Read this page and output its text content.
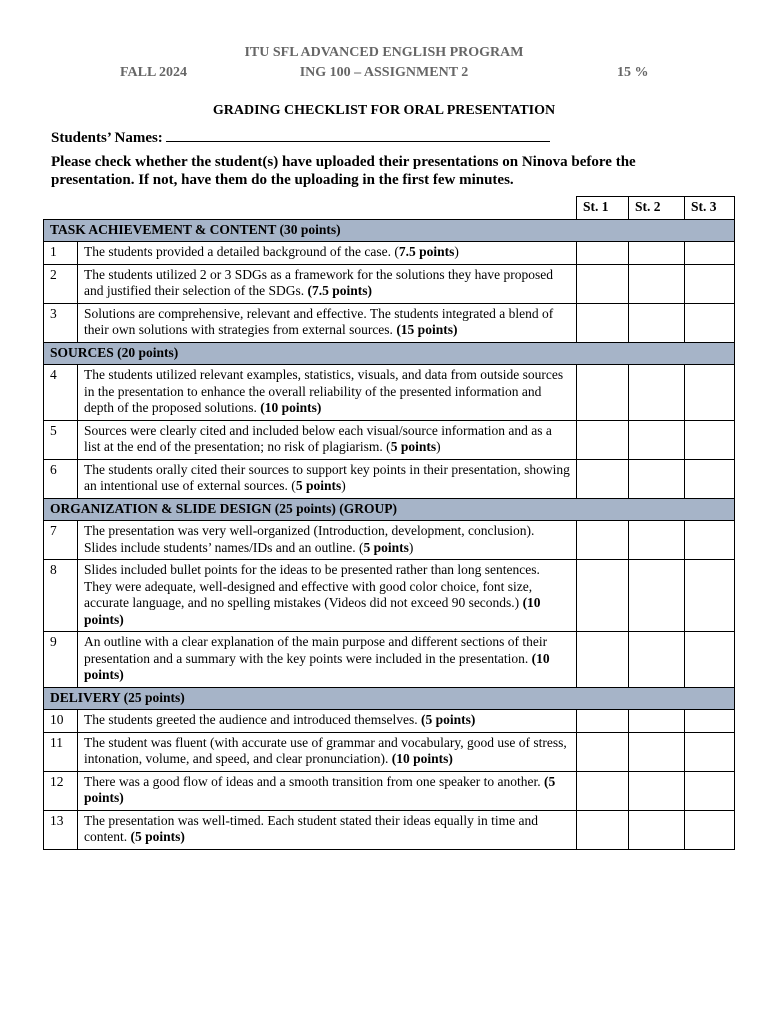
ITU SFL ADVANCED ENGLISH PROGRAM
FALL 2024	ING 100 – ASSIGNMENT 2	15 %
GRADING CHECKLIST FOR ORAL PRESENTATION
Students’ Names:
Please check whether the student(s) have uploaded their presentations on Ninova before the presentation. If not, have them do the uploading in the first few minutes.
		St. 1	St. 2	St. 3
TASK ACHIEVEMENT & CONTENT (30 points)				
1	The students provided a detailed background of the case. (7.5 points)			
2	The students utilized 2 or 3 SDGs as a framework for the solutions they have proposed and justified their selection of the SDGs. (7.5 points)			
3	Solutions are comprehensive, relevant and effective. The students integrated a blend of their own solutions with strategies from external sources. (15 points)			
SOURCES (20 points)				
4	The students utilized relevant examples, statistics, visuals, and data from outside sources in the presentation to enhance the overall reliability of the presented information and depth of the proposed solutions. (10 points)			
5	Sources were clearly cited and included below each visual/source information and as a list at the end of the presentation; no risk of plagiarism. (5 points)			
6	The students orally cited their sources to support key points in their presentation, showing an intentional use of external sources. (5 points)			
ORGANIZATION & SLIDE DESIGN (25 points) (GROUP)				
7	The presentation was very well-organized (Introduction, development, conclusion). Slides include students’ names/IDs and an outline. (5 points)			
8	Slides included bullet points for the ideas to be presented rather than long sentences. They were adequate, well-designed and effective with good color choice, font size, accurate language, and no spelling mistakes (Videos did not exceed 90 seconds.) (10 points)			
9	An outline with a clear explanation of the main purpose and different sections of their presentation and a summary with the key points were included in the presentation. (10 points)			
DELIVERY (25 points)				
10	The students greeted the audience and introduced themselves. (5 points)			
11	The student was fluent (with accurate use of grammar and vocabulary, good use of stress, intonation, volume, and speed, and clear pronunciation). (10 points)			
12	There was a good flow of ideas and a smooth transition from one speaker to another. (5 points)			
13	The presentation was well-timed. Each student stated their ideas equally in time and content. (5 points)			
